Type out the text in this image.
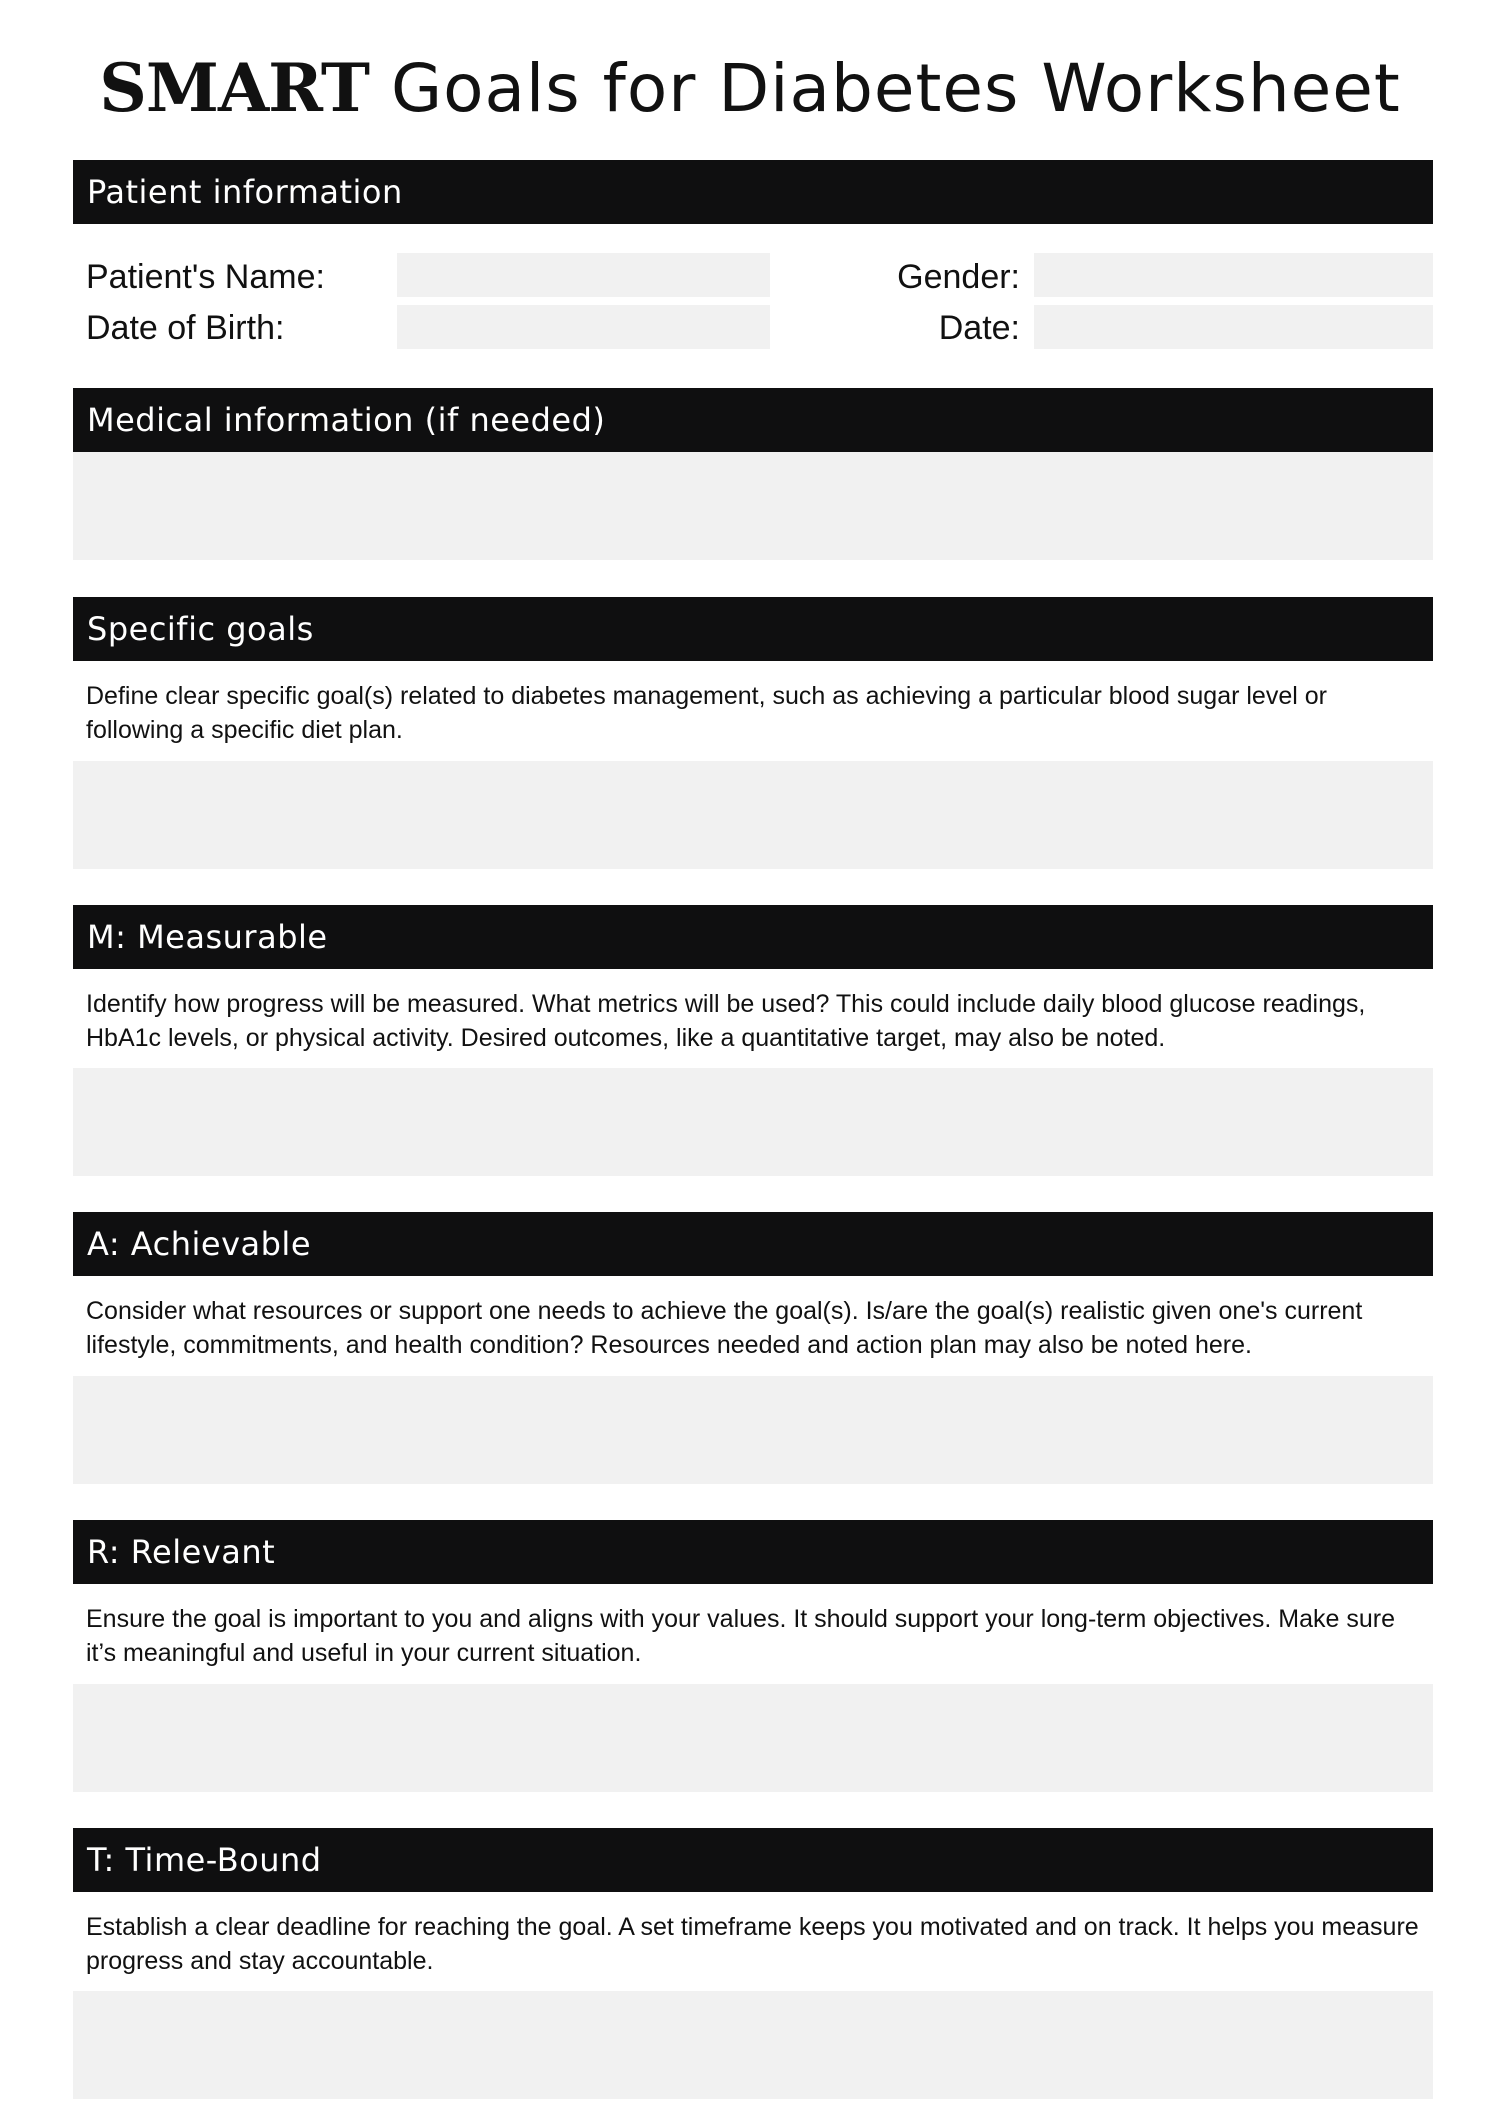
SMART Goals for Diabetes Worksheet
Patient information
Patient's Name:
Date of Birth:
Gender:
Date:
Medical information (if needed)
Specific goals
Define clear specific goal(s) related to diabetes management, such as achieving a particular blood sugar level or following a specific diet plan.
M: Measurable
Identify how progress will be measured. What metrics will be used? This could include daily blood glucose readings, HbA1c levels, or physical activity. Desired outcomes, like a quantitative target, may also be noted.
A: Achievable
Consider what resources or support one needs to achieve the goal(s). Is/are the goal(s) realistic given one's current lifestyle, commitments, and health condition? Resources needed and action plan may also be noted here.
R: Relevant
Ensure the goal is important to you and aligns with your values. It should support your long-term objectives. Make sure it’s meaningful and useful in your current situation.
T: Time-Bound
Establish a clear deadline for reaching the goal. A set timeframe keeps you motivated and on track. It helps you measure progress and stay accountable.
